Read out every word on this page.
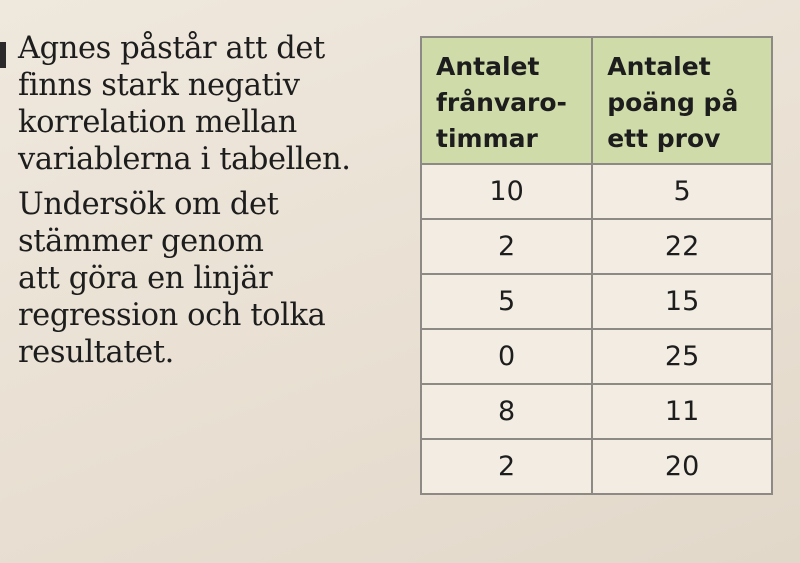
Agnes påstår att det
finns stark negativ
korrelation mellan
variablerna i tabellen.

Undersök om det
stämmer genom
att göra en linjär
regression och tolka
resultatet.

Antalet
frånvaro-
timmar	Antalet
poäng på
ett prov

10	5
2	22
5	15
0	25
8	11
2	20
